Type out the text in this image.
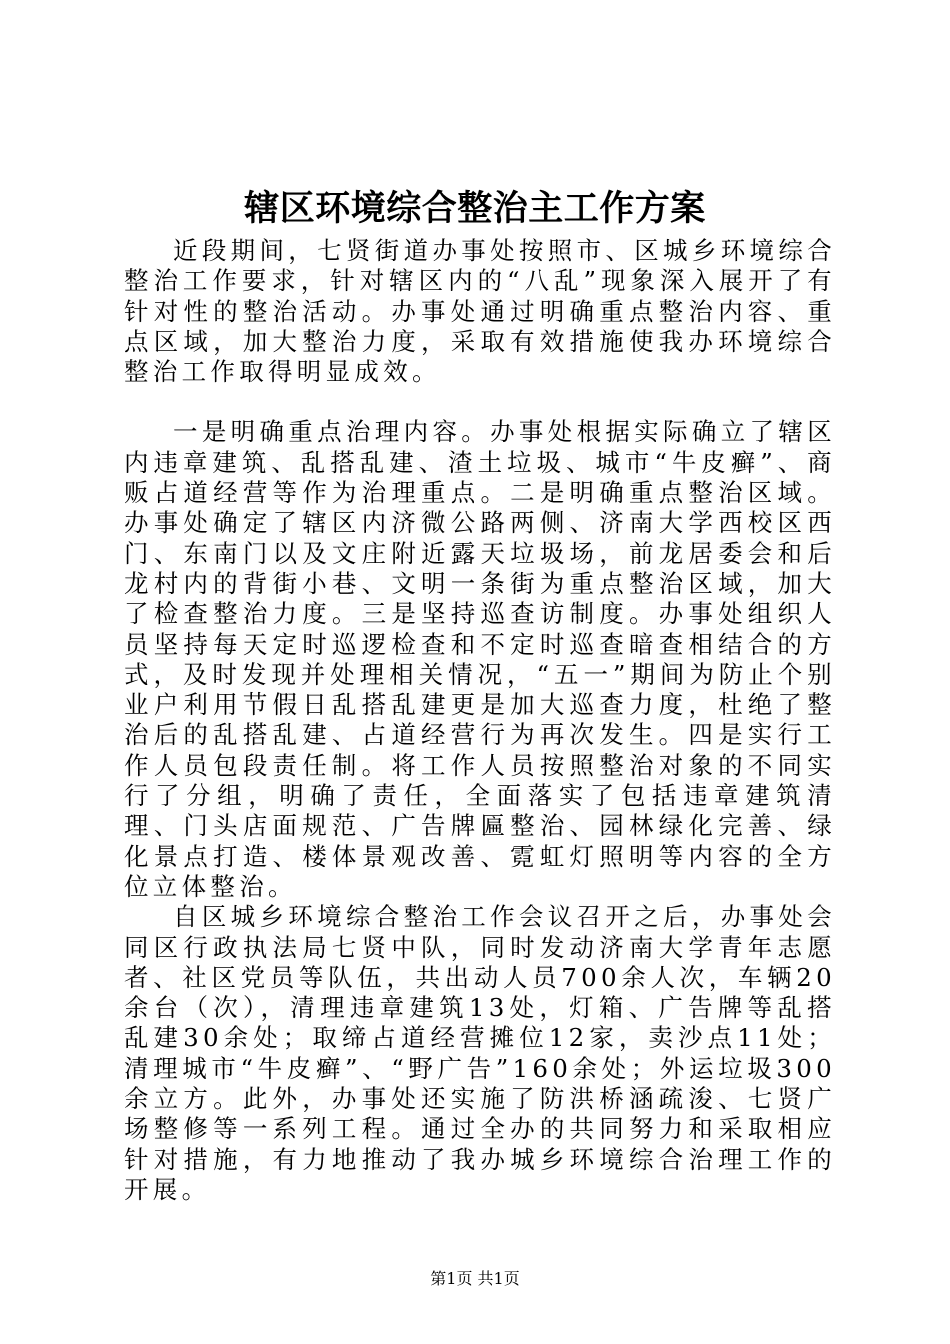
辖区环境综合整治主工作方案

近段期间，七贤街道办事处按照市、区城乡环境综合整治工作要求，针对辖区内的“八乱”现象深入展开了有针对性的整治活动。办事处通过明确重点整治内容、重点区域，加大整治力度，采取有效措施使我办环境综合整治工作取得明显成效。

一是明确重点治理内容。办事处根据实际确立了辖区内违章建筑、乱搭乱建、渣土垃圾、城市“牛皮癣”、商贩占道经营等作为治理重点。二是明确重点整治区域。办事处确定了辖区内济微公路两侧、济南大学西校区西门、东南门以及文庄附近露天垃圾场，前龙居委会和后龙村内的背街小巷、文明一条街为重点整治区域，加大了检查整治力度。三是坚持巡查访制度。办事处组织人员坚持每天定时巡逻检查和不定时巡查暗查相结合的方式，及时发现并处理相关情况，“五一”期间为防止个别业户利用节假日乱搭乱建更是加大巡查力度，杜绝了整治后的乱搭乱建、占道经营行为再次发生。四是实行工作人员包段责任制。将工作人员按照整治对象的不同实行了分组，明确了责任，全面落实了包括违章建筑清理、门头店面规范、广告牌匾整治、园林绿化完善、绿化景点打造、楼体景观改善、霓虹灯照明等内容的全方位立体整治。

自区城乡环境综合整治工作会议召开之后，办事处会同区行政执法局七贤中队，同时发动济南大学青年志愿者、社区党员等队伍，共出动人员700余人次，车辆20余台（次），清理违章建筑13处，灯箱、广告牌等乱搭乱建30余处；取缔占道经营摊位12家，卖沙点11处；清理城市“牛皮癣”、“野广告”160余处；外运垃圾300余立方。此外，办事处还实施了防洪桥涵疏浚、七贤广场整修等一系列工程。通过全办的共同努力和采取相应针对措施，有力地推动了我办城乡环境综合治理工作的开展。

第1页 共1页
